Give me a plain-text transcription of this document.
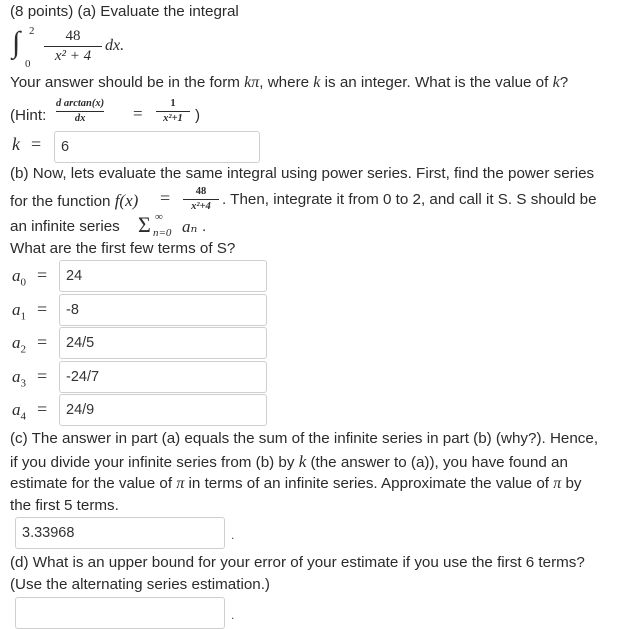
(8 points) (a) Evaluate the integral
∫ 2
0
48
x² + 4
dx.
Your answer should be in the form kπ, where k is an integer. What is the value of k?
(Hint:
d arctan(x)
dx	=
1
x²+1 )
k =
6
(b) Now, lets evaluate the same integral using power series. First, find the power series
for the function f(x) =	48
x²+4 . Then, integrate it from 0 to 2, and call it S. S should be
an infinite series Σ ∞
n=0 aₙ .
What are the first few terms of S?
$a_0$ =
24
$a_1$ =
-8
$a_2$ =
24/5
$a_3$ =
-24/7
$a_4$ =
24/9
(c) The answer in part (a) equals the sum of the infinite series in part (b) (why?). Hence,
if you divide your infinite series from (b) by k (the answer to (a)), you have found an
estimate for the value of π in terms of an infinite series. Approximate the value of π by
the first 5 terms.
3.33968
.
(d) What is an upper bound for your error of your estimate if you use the first 6 terms?
(Use the alternating series estimation.)
.
